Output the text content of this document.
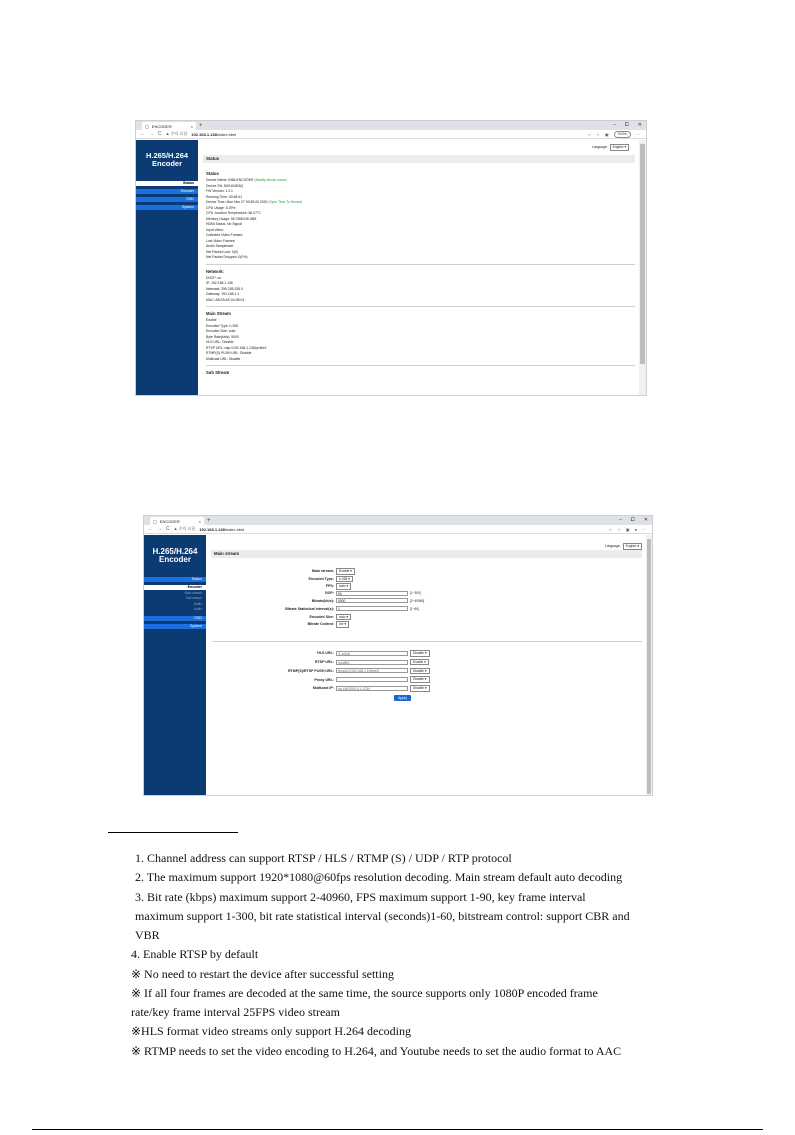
▢ ENCODER	× +	– ⧠ ✕
← → C ▲ 주의 요함 192.168.1.138/index.html	☆ ☆ ▣	HMI⊕	···
H.265/H.264
Encoder
Status
Encoder
OSD
System
Language:	English ▾
Status
Status
Device Name: IN66-ENCODER (Modify device name)
Device SN: 8G01K6E6Q
FW Version: 1.2.1
Running Time: 00:48:41
Device Time: Mon Nov 27 09:55:26 2020 (Sync Time To Device)
CPU Usage: 5.29%
CPU Junction Temperature: 56.07°C
Memory Usage: 56.75M/248.38M
HDMI Status: No Signal
Input Video:
Collected Video Frames:
Lost Video Frames:
Audio Samplerate:
Net Packet Lost: 0(0)
Net Packet Dropped: 0(0%)
Network:
DHCP: on
IP: 192.168.1.138
Netmask: 255.255.255.0
Gateway: 192.168.1.1
MAC: A8:E8:AE:04:3B:01
Main Stream
Enable
Encoded Type: h.265
Encoded Size: auto
Byte Rate(kb/s): 9000
HLS URL: Disable
RTSP URL: rtsp://192.168.1.138/profile1
RTMP(S) PUSH URL: Disable
Multicast URL: Disable
Sub Stream
▢ ENCODER	× +	– ⧠ ✕
← → C ▲ 주의 요함 192.168.1.138/index.html	☆ ☆ ▣ ● ···
H.265/H.264
Encoder
Status
Encoder
Main stream
Sub stream
Audio
Audio
OSD
System
Language:	English ▾
Main stream
Main stream:	Enable ▾
Encoded Type:	h.265 ▾
FPS:	auto ▾
GOP:	60	[1~300]
Bitrate(kb/s):	9000	[2~40960]
Bitrate Statistical Interval(s):	1	[1~60]
Encoded Size:	auto ▾
Bitrate Control:	cbr ▾
HLS URL:	/1.m3u8	Disable ▾
RTSP URL:	/profile1	Enable ▾
RTMP(S)/RTSP PUSH URL:	rtmp(s)://192.168.1.10/live/0	Disable ▾
Proxy URL:	Disable ▾
Multicast IP:	rtp://@239.0.0.1:1234	Disable ▾
Apply
1. Channel address can support RTSP / HLS / RTMP (S) / UDP / RTP protocol
2. The maximum support 1920*1080@60fps resolution decoding. Main stream default auto decoding
3. Bit rate (kbps) maximum support 2-40960, FPS maximum support 1-90, key frame interval
maximum support 1-300, bit rate statistical interval (seconds)1-60, bitstream control: support CBR and
VBR
4. Enable RTSP by default
※ No need to restart the device after successful setting
※ If all four frames are decoded at the same time, the source supports only 1080P encoded frame
rate/key frame interval 25FPS video stream
※HLS format video streams only support H.264 decoding
※ RTMP needs to set the video encoding to H.264, and Youtube needs to set the audio format to AAC
